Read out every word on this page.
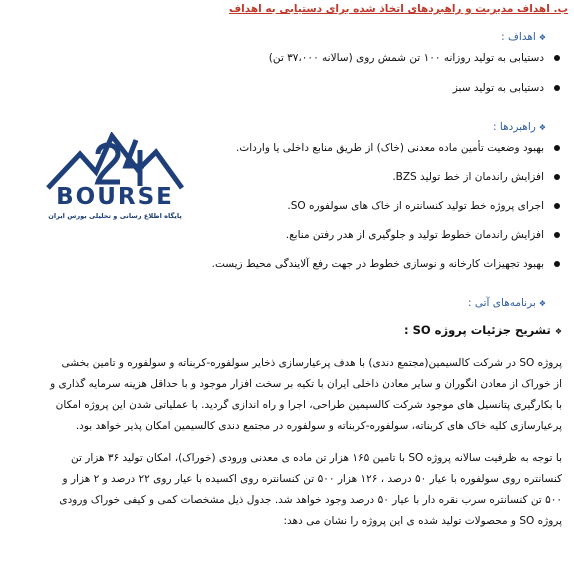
ب. اهداف مدیریت و راهبردهای اتخاذ شده برای دستیابی به اهداف
❖اهداف :
دستیابی به تولید روزانه ۱۰۰ تن شمش روی (سالانه ۳۷،۰۰۰ تن)
دستیابی به تولید سبز
❖راهبردها :
بهبود وضعیت تأمین ماده معدنی (خاک) از طریق منابع داخلی یا واردات.
افزایش راندمان از خط تولید BZS.
اجرای پروژه خط تولید کنسانتره از خاک های سولفوره SO.
افزایش راندمان خطوط تولید و جلوگیری از هدر رفتن منابع.
بهبود تجهیزات کارخانه و نوسازی خطوط در جهت رفع آلایندگی محیط زیست.
BOURSE
پایگاه اطلاع رسانی و تحلیلی بورس ایران
❖برنامه‌های آتی :
❖ تشریح جزئیات پروژه SO :
پروژه SO در شرکت کالسیمین(مجتمع دندی) با هدف پرعیارسازی ذخایر سولفوره-کربناته و سولفوره و تامین بخشی
از خوراک از معادن انگوران و سایر معادن داخلی ایران با تکیه بر سخت افزار موجود و با حداقل هزینه سرمایه گذاری و
با بکارگیری پتانسیل های موجود شرکت کالسیمین طراحی، اجرا و راه اندازی گردید. با عملیاتی شدن این پروژه امکان
پرعیارسازی کلیه خاک های کربناته، سولفوره-کربناته و سولفوره در مجتمع دندی کالسیمین امکان پذیر خواهد بود.
با توجه به ظرفیت سالانه پروژه SO با تامین ۱۶۵ هزار تن ماده ی معدنی ورودی (خوراک)، امکان تولید ۳۶ هزار تن
کنسانتره روی سولفوره با عیار ۵۰ درصد ، ۱۲۶ هزار ۵۰۰ تن کنسانتره روی اکسیده با عیار روی ۲۲ درصد و ۲ هزار و
۵۰۰ تن کنسانتره سرب نقره دار با عیار ۵۰ درصد وجود خواهد شد. جدول ذیل مشخصات کمی و کیفی خوراک ورودی
پروژه SO و محصولات تولید شده ی این پروژه را نشان می دهد:
